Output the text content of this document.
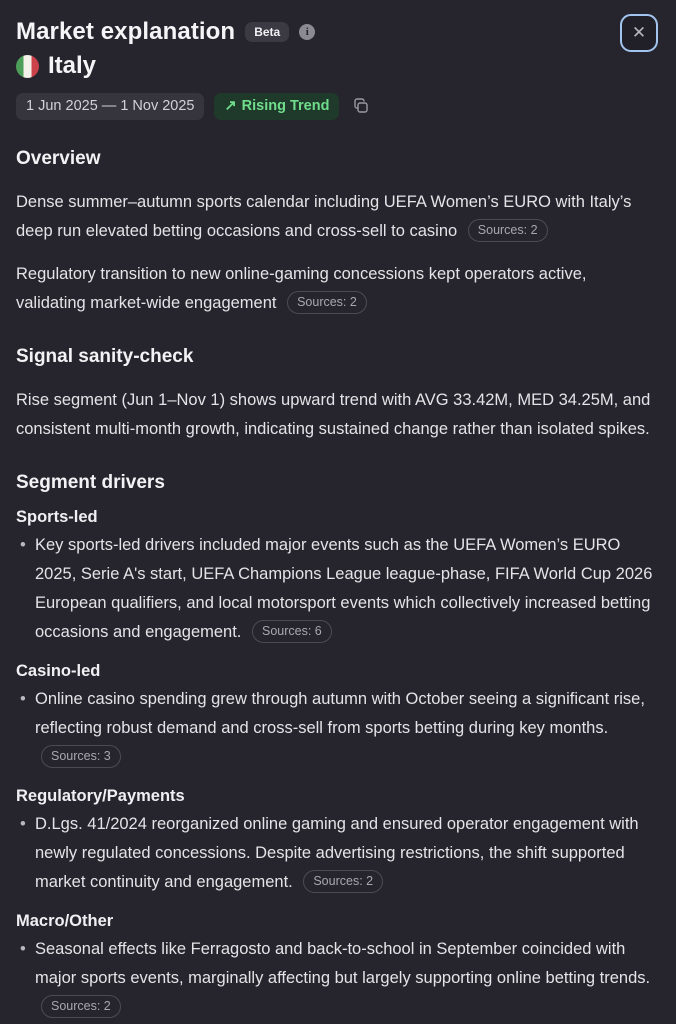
✕
Market explanation	Beta	i
Italy
1 Jun 2025 — 1 Nov 2025	↗ Rising Trend
Overview

Dense summer–autumn sports calendar including UEFA Women’s EURO with Italy’s deep run elevated betting occasions and cross-sell to casino Sources: 2

Regulatory transition to new online-gaming concessions kept operators active, validating market-wide engagement Sources: 2

Signal sanity-check

Rise segment (Jun 1–Nov 1) shows upward trend with AVG 33.42M, MED 34.25M, and consistent multi-month growth, indicating sustained change rather than isolated spikes.

Segment drivers
Sports-led
• Key sports-led drivers included major events such as the UEFA Women’s EURO 2025, Serie A's start, UEFA Champions League league-phase, FIFA World Cup 2026 European qualifiers, and local motorsport events which collectively increased betting occasions and engagement. Sources: 6
Casino-led
• Online casino spending grew through autumn with October seeing a significant rise, reflecting robust demand and cross-sell from sports betting during key months. Sources: 3
Regulatory/Payments
• D.Lgs. 41/2024 reorganized online gaming and ensured operator engagement with newly regulated concessions. Despite advertising restrictions, the shift supported market continuity and engagement. Sources: 2
Macro/Other
• Seasonal effects like Ferragosto and back-to-school in September coincided with major sports events, marginally affecting but largely supporting online betting trends. Sources: 2
